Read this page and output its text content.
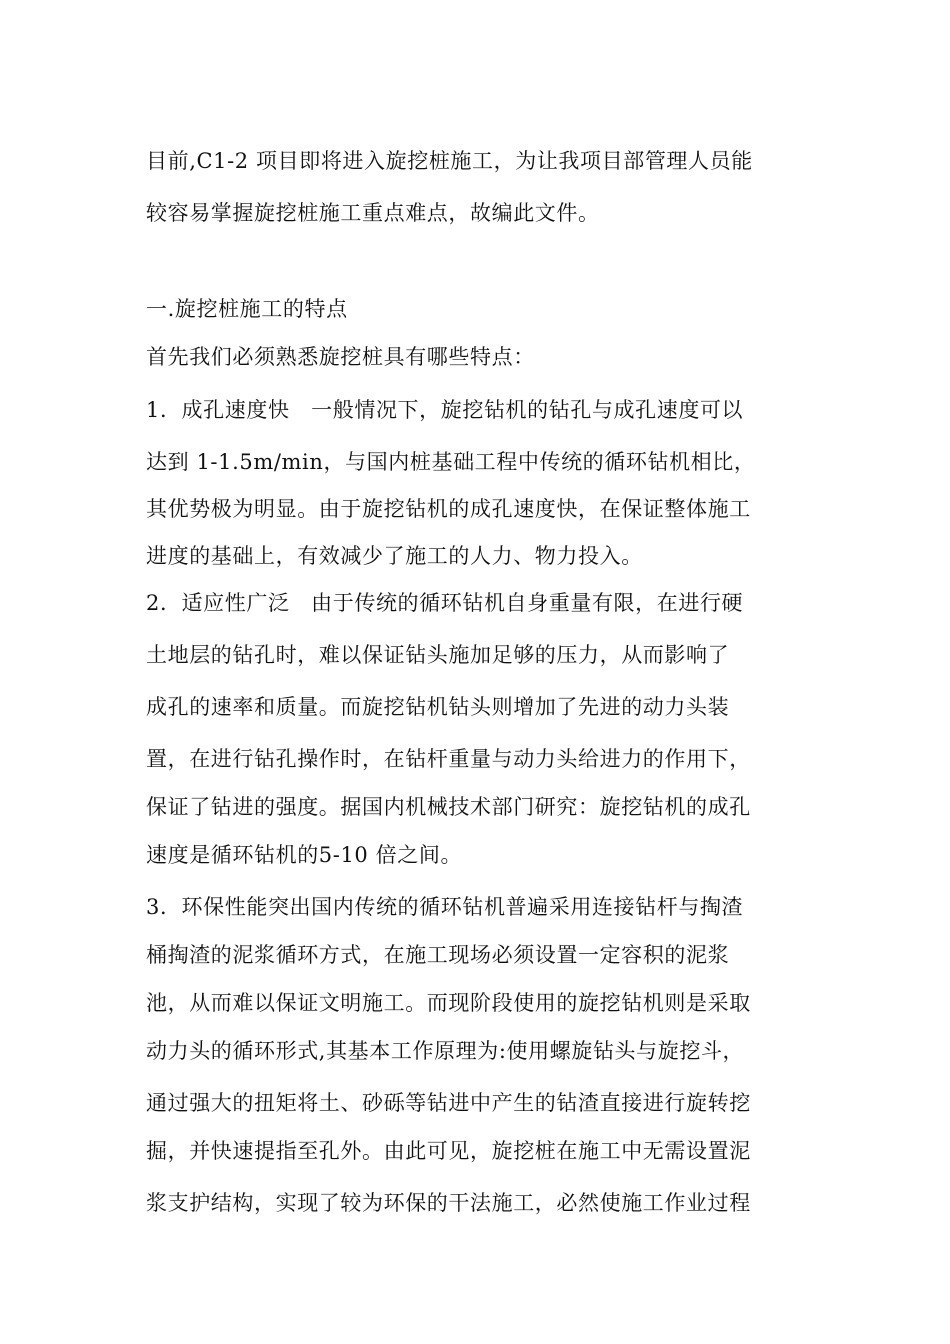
目前,C1-2 项目即将进入旋挖桩施工，为让我项目部管理人员能
较容易掌握旋挖桩施工重点难点，故编此文件。
一.旋挖桩施工的特点
首先我们必须熟悉旋挖桩具有哪些特点：
1．成孔速度快　一般情况下，旋挖钻机的钻孔与成孔速度可以
达到 1-1.5m/min，与国内桩基础工程中传统的循环钻机相比，
其优势极为明显。由于旋挖钻机的成孔速度快，在保证整体施工
进度的基础上，有效减少了施工的人力、物力投入。
2．适应性广泛　由于传统的循环钻机自身重量有限，在进行硬
土地层的钻孔时，难以保证钻头施加足够的压力，从而影响了
成孔的速率和质量。而旋挖钻机钻头则增加了先进的动力头装
置，在进行钻孔操作时，在钻杆重量与动力头给进力的作用下，
保证了钻进的强度。据国内机械技术部门研究：旋挖钻机的成孔
速度是循环钻机的5-10 倍之间。
3．环保性能突出国内传统的循环钻机普遍采用连接钻杆与掏渣
桶掏渣的泥浆循环方式，在施工现场必须设置一定容积的泥浆
池，从而难以保证文明施工。而现阶段使用的旋挖钻机则是采取
动力头的循环形式,其基本工作原理为:使用螺旋钻头与旋挖斗，
通过强大的扭矩将土、砂砾等钻进中产生的钻渣直接进行旋转挖
掘，并快速提指至孔外。由此可见，旋挖桩在施工中无需设置泥
浆支护结构，实现了较为环保的干法施工，必然使施工作业过程
